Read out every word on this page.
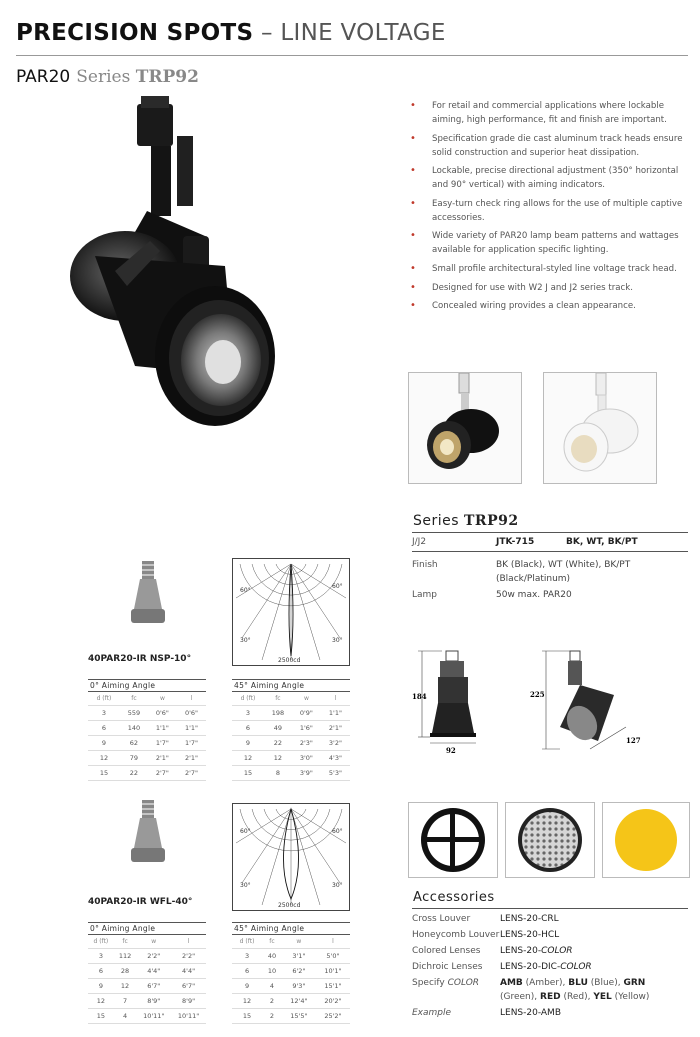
PRECISION SPOTS – LINE VOLTAGE
PAR20 Series TRP92
• For retail and commercial applications where lockable aiming, high performance, fit and finish are important.
• Specification grade die cast aluminum track heads ensure solid construction and superior heat dissipation.
• Lockable, precise directional adjustment (350° horizontal and 90° vertical) with aiming indicators.
• Easy-turn check ring allows for the use of multiple captive accessories.
• Wide variety of PAR20 lamp beam patterns and wattages available for application specific lighting.
• Small profile architectural-styled line voltage track head.
• Designed for use with W2 J and J2 series track.
• Concealed wiring provides a clean appearance.
Series TRP92
J/J2	JTK-715	BK, WT, BK/PT
Finish	BK (Black), WT (White), BK/PT (Black/Platinum)	
Lamp	50w max. PAR20	
184
92
225
127
40PAR20-IR NSP-10°
60°
60°
30°	30°
2500cd
0° Aiming Angle			
d (ft)	fc	w	l
3	559	0'6"	0'6"
6	140	1'1"	1'1"
9	62	1'7"	1'7"
12	79	2'1"	2'1"
15	22	2'7"	2'7"
45° Aiming Angle			
d (ft)	fc	w	l
3	198	0'9"	1'1"
6	49	1'6"	2'1"
9	22	2'3"	3'2"
12	12	3'0"	4'3"
15	8	3'9"	5'3"
40PAR20-IR WFL-40°
60°	60°
30°	30°
2500cd
0° Aiming Angle			
d (ft)	fc	w	l
3	112	2'2"	2'2"
6	28	4'4"	4'4"
9	12	6'7"	6'7"
12	7	8'9"	8'9"
15	4	10'11"	10'11"
45° Aiming Angle			
d (ft)	fc	w	l
3	40	3'1"	5'0"
6	10	6'2"	10'1"
9	4	9'3"	15'1"
12	2	12'4"	20'2"
15	2	15'5"	25'2"
Accessories
Cross Louver	LENS-20-CRL
Honeycomb Louver	LENS-20-HCL
Colored Lenses	LENS-20-COLOR
Dichroic Lenses	LENS-20-DIC-COLOR
Specify COLOR	AMB (Amber), BLU (Blue), GRN
(Green), RED (Red), YEL (Yellow)
Example	LENS-20-AMB
